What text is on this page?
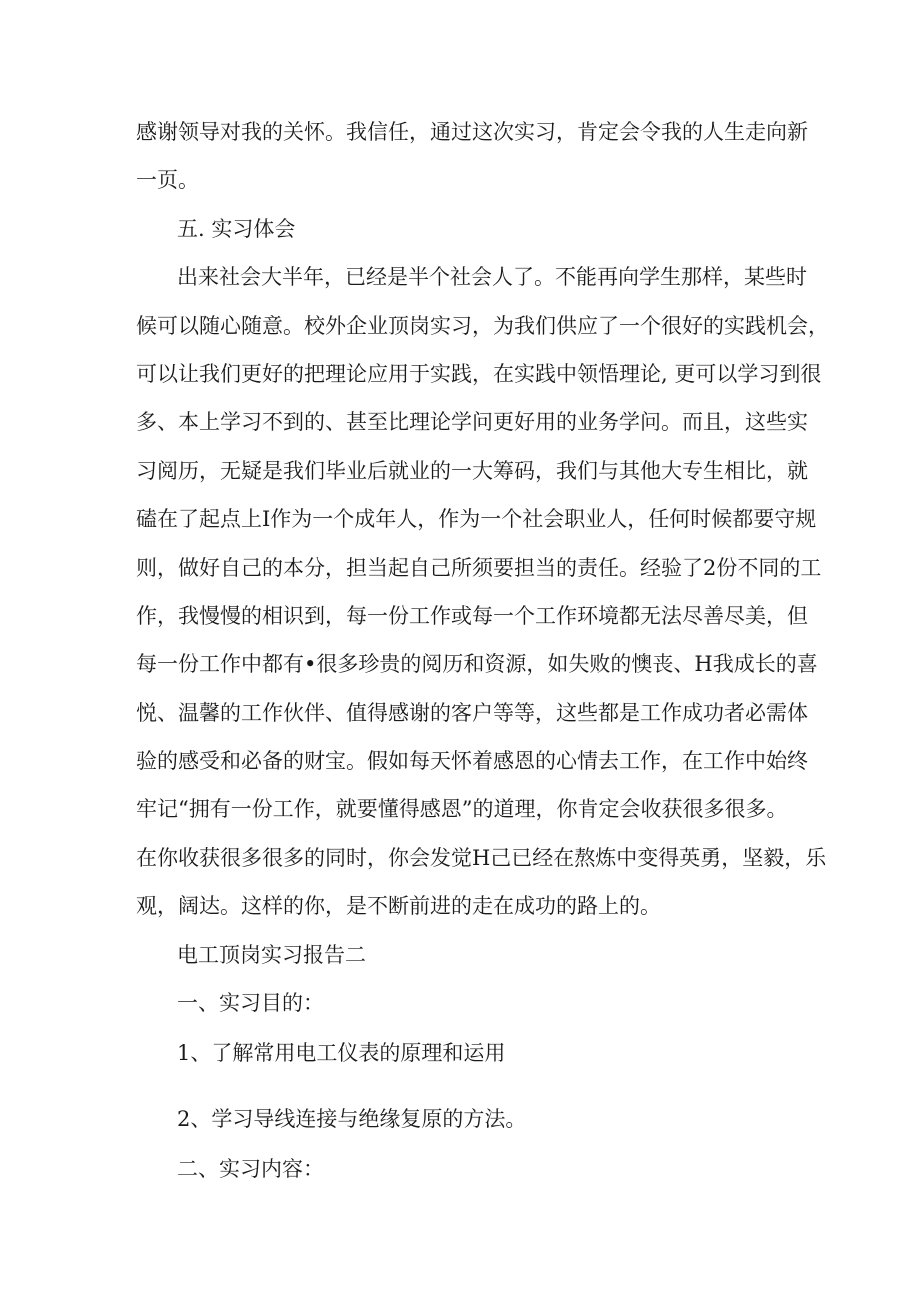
感谢领导对我的关怀。我信任，通过这次实习，肯定会令我的人生走向新
一页。
五. 实习体会
出来社会大半年，已经是半个社会人了。不能再向学生那样，某些时
候可以随心随意。校外企业顶岗实习，为我们供应了一个很好的实践机会，
可以让我们更好的把理论应用于实践，在实践中领悟理论, 更可以学习到很
多、本上学习不到的、甚至比理论学问更好用的业务学问。而且，这些实
习阅历，无疑是我们毕业后就业的一大筹码，我们与其他大专生相比，就
磕在了起点上I作为一个成年人，作为一个社会职业人，任何时候都要守规
则，做好自己的本分，担当起自己所须要担当的责任。经验了2份不同的工
作，我慢慢的相识到，每一份工作或每一个工作环境都无法尽善尽美，但
每一份工作中都有•很多珍贵的阅历和资源，如失败的懊丧、H我成长的喜
悦、温馨的工作伙伴、值得感谢的客户等等，这些都是工作成功者必需体
验的感受和必备的财宝。假如每天怀着感恩的心情去工作，在工作中始终
牢记“拥有一份工作，就要懂得感恩”的道理，你肯定会收获很多很多。
在你收获很多很多的同时，你会发觉H己已经在熬炼中变得英勇，坚毅，乐
观，阔达。这样的你，是不断前进的走在成功的路上的。
电工顶岗实习报告二
一、实习目的：
1、了解常用电工仪表的原理和运用
2、学习导线连接与绝缘复原的方法。
二、实习内容：
